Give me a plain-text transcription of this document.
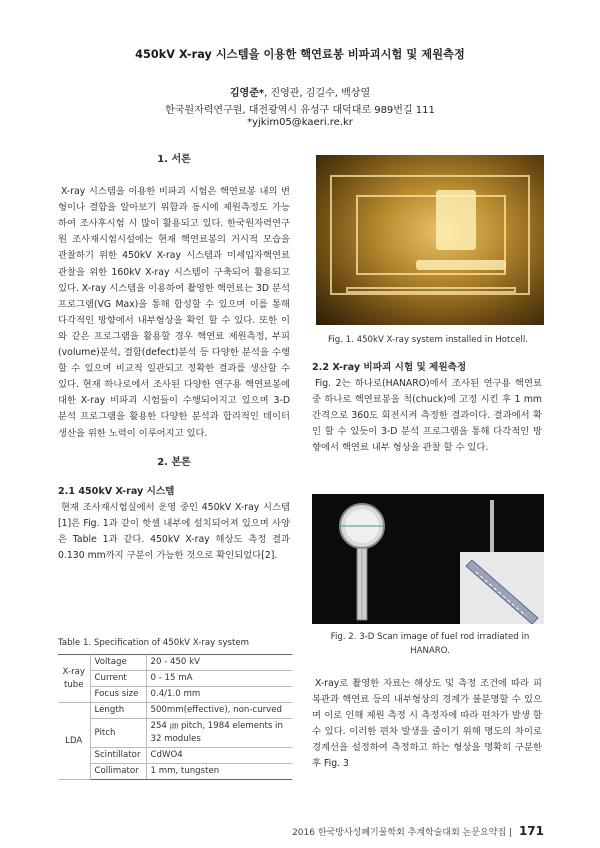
450kV X-ray 시스템을 이용한 핵연료봉 비파괴시험 및 제원측정
김영준*, 진영관, 김길수, 백상열
한국원자력연구원, 대전광역시 유성구 대덕대로 989번길 111
*yjkim05@kaeri.re.kr
1. 서론
X-ray 시스템을 이용한 비파괴 시험은 핵연료봉 내의 변형이나 결함을 알아보기 위함과 동시에 제원측정도 가능하여 조사후시험 시 많이 활용되고 있다. 한국원자력연구원 조사재시험시설에는 현재 핵연료봉의 거시적 모습을 관찰하기 위한 450kV X-ray 시스템과 미세입자핵연료 관찰을 위한 160kV X-ray 시스템이 구축되어 활용되고 있다. X-ray 시스템을 이용하여 촬영한 핵연료는 3D 분석프로그램(VG Max)을 통해 합성할 수 있으며 이를 통해 다각적인 방향에서 내부형상을 확인 할 수 있다. 또한 이와 같은 프로그램을 활용할 경우 핵연료 제원측정, 부피(volume)분석, 결함(defect)분석 등 다양한 분석을 수행할 수 있으며 비교적 일관되고 정확한 결과를 생산할 수 있다. 현재 하나로에서 조사된 다양한 연구용 핵연료봉에 대한 X-ray 비파괴 시험들이 수행되어지고 있으며 3-D 분석 프로그램을 활용한 다양한 분석과 합리적인 데이터 생산을 위한 노력이 이루어지고 있다.
2. 본론
2.1 450kV X-ray 시스템
현재 조사재시험실에서 운영 중인 450kV X-ray 시스템[1]은 Fig. 1과 같이 핫셀 내부에 설치되어져 있으며 사양은 Table 1과 같다. 450kV X-ray 해상도 측정 결과 0.130 mm까지 구분이 가능한 것으로 확인되었다[2].
Table 1. Specification of 450kV X-ray system
X-ray tube	Voltage	20 - 450 kV
	Current	0 - 15 mA
	Focus size	0.4/1.0 mm
LDA	Length	500mm(effective), non-curved
	Pitch	254 ㎛ pitch, 1984 elements in 32 modules
	Scintillator	CdWO4
	Collimator	1 mm, tungsten
Fig. 1. 450kV X-ray system installed in Hotcell.
2.2 X-ray 비파괴 시험 및 제원측정
Fig. 2는 하나로(HANARO)에서 조사된 연구용 핵연료 중 하나로 핵연료봉을 척(chuck)에 고정 시킨 후 1 mm 간격으로 360도 회전시켜 측정한 결과이다. 결과에서 확인 할 수 있듯이 3-D 분석 프로그램을 통해 다각적인 방향에서 핵연료 내부 형상을 관찰 할 수 있다.
Fig. 2. 3-D Scan image of fuel rod irradiated in HANARO.
X-ray로 촬영한 자료는 해상도 및 측정 조건에 따라 피복관과 핵연료 등의 내부형상의 경계가 불분명할 수 있으며 이로 인해 제원 측정 시 측정자에 따라 편차가 발생 할 수 있다. 이러한 편차 발생을 줄이기 위해 명도의 차이로 경계선을 설정하여 측정하고 하는 형상을 명확히 구분한 후 Fig. 3
2016 한국방사성폐기물학회 추계학술대회 논문요약집 | 171
